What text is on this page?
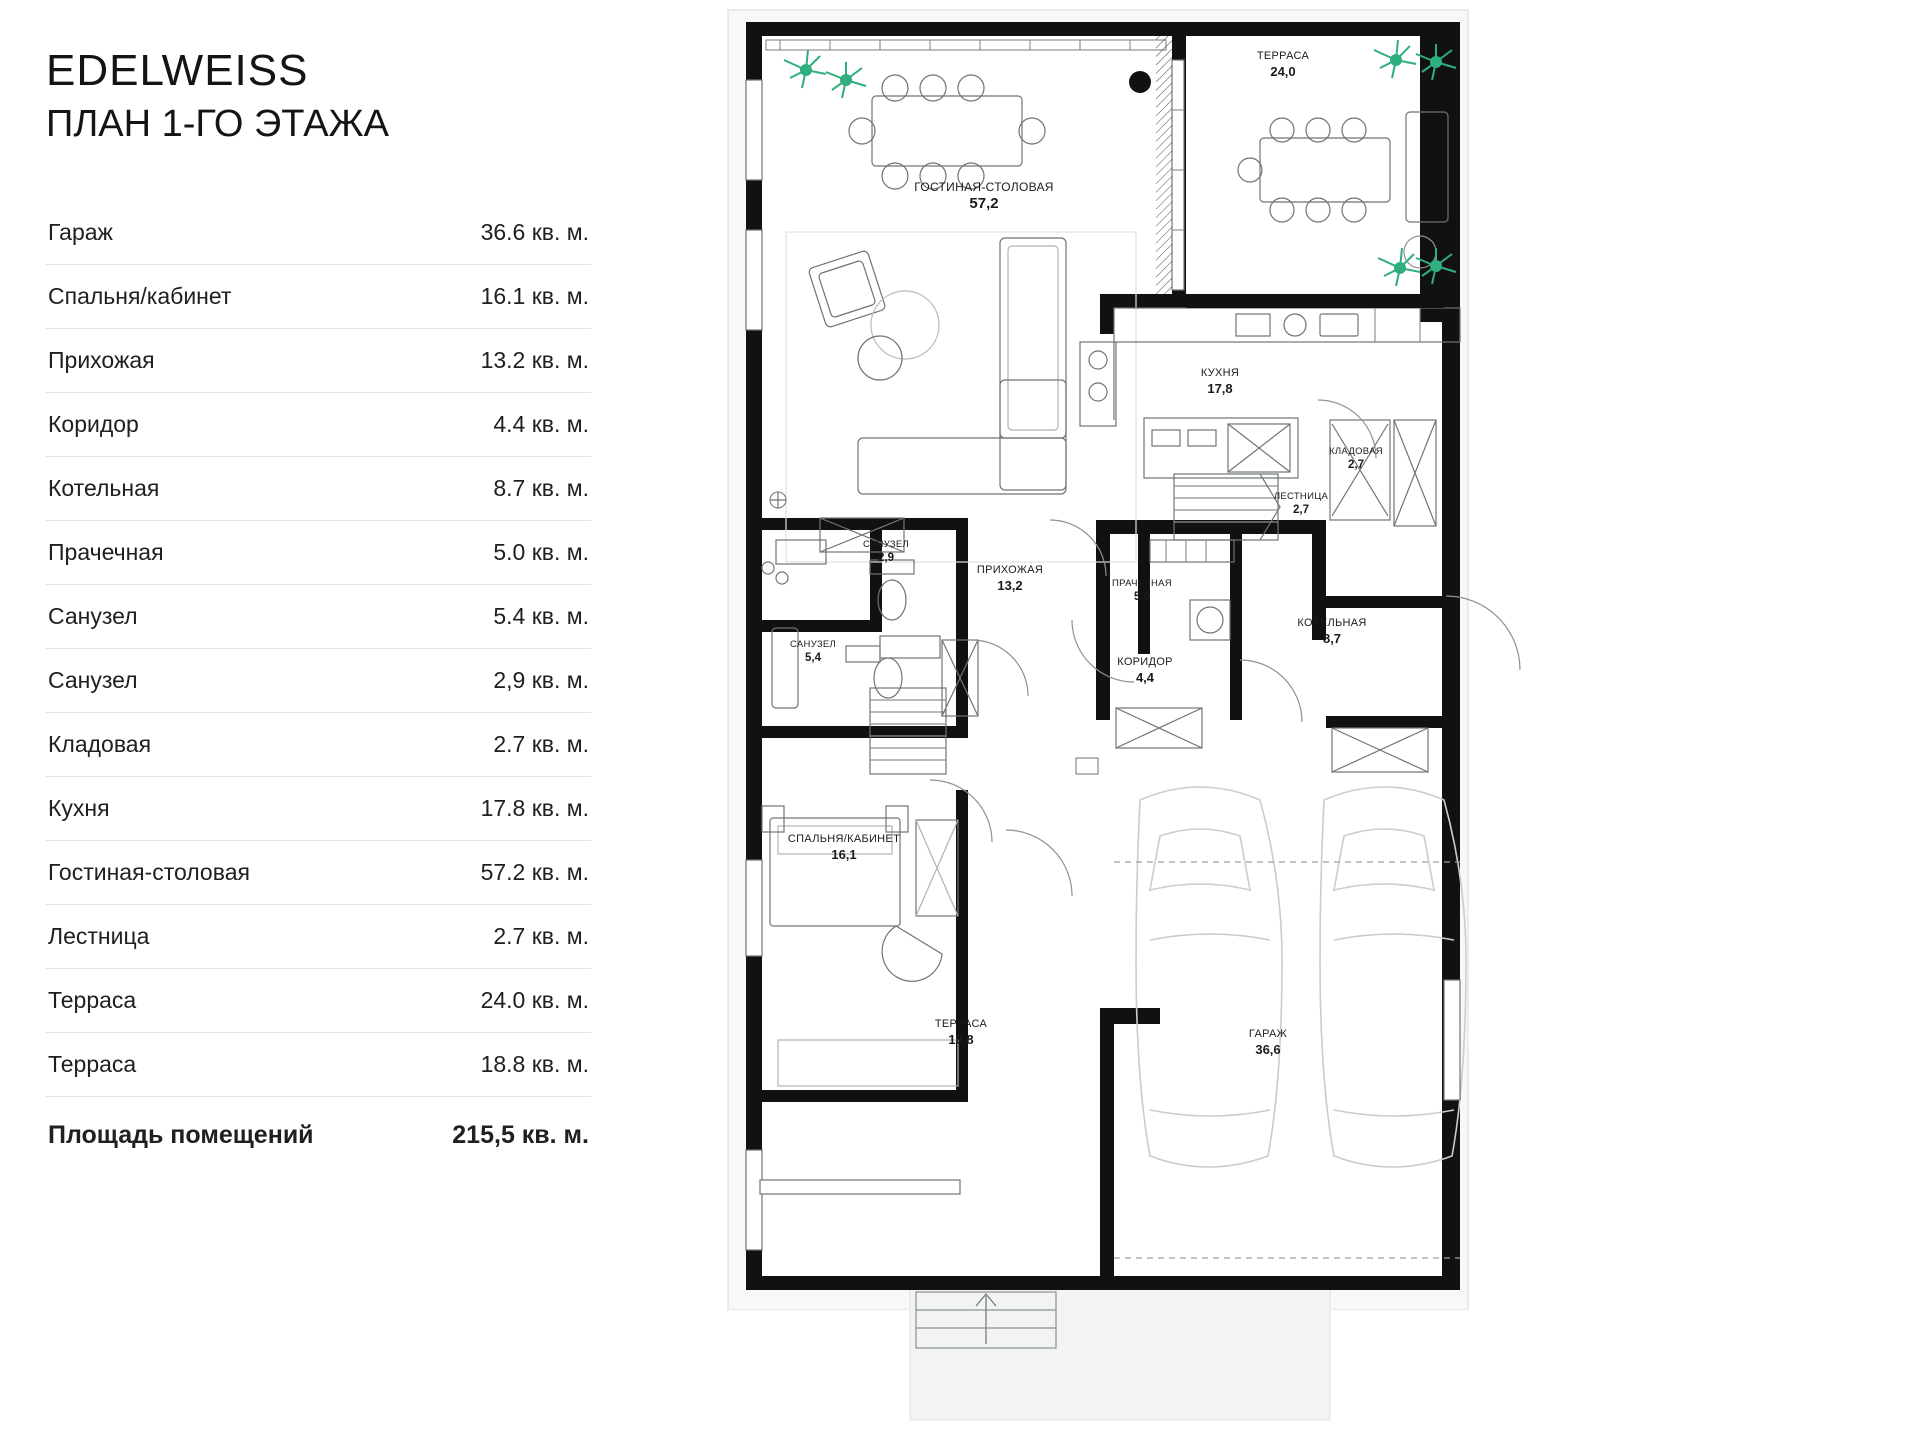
EDELWEISS
ПЛАН 1-ГО ЭТАЖА
Гараж	36.6 кв. м.
Спальня/кабинет	16.1 кв. м.
Прихожая	13.2 кв. м.
Коридор	4.4 кв. м.
Котельная	8.7 кв. м.
Прачечная	5.0 кв. м.
Санузел	5.4 кв. м.
Санузел	2,9 кв. м.
Кладовая	2.7 кв. м.
Кухня	17.8 кв. м.
Гостиная-столовая	57.2 кв. м.
Лестница	2.7 кв. м.
Терраса	24.0 кв. м.
Терраса	18.8 кв. м.
Площадь помещений	215,5 кв. м.
ТЕРРАСА
24,0
ГОСТИНАЯ-СТОЛОВАЯ
57,2
КУХНЯ
17,8
КЛАДОВАЯ
2,7
ЛЕСТНИЦА
2,7
САНУЗЕЛ
2,9
ПРИХОЖАЯ
13,2	ПРАЧЕЧНАЯ
5,0
КОТЕЛЬНАЯ
8,7
САНУЗЕЛ
5,4	КОРИДОР
4,4
СПАЛЬНЯ/КАБИНЕТ
16,1
ТЕРРАСА
18,8	ГАРАЖ
36,6
